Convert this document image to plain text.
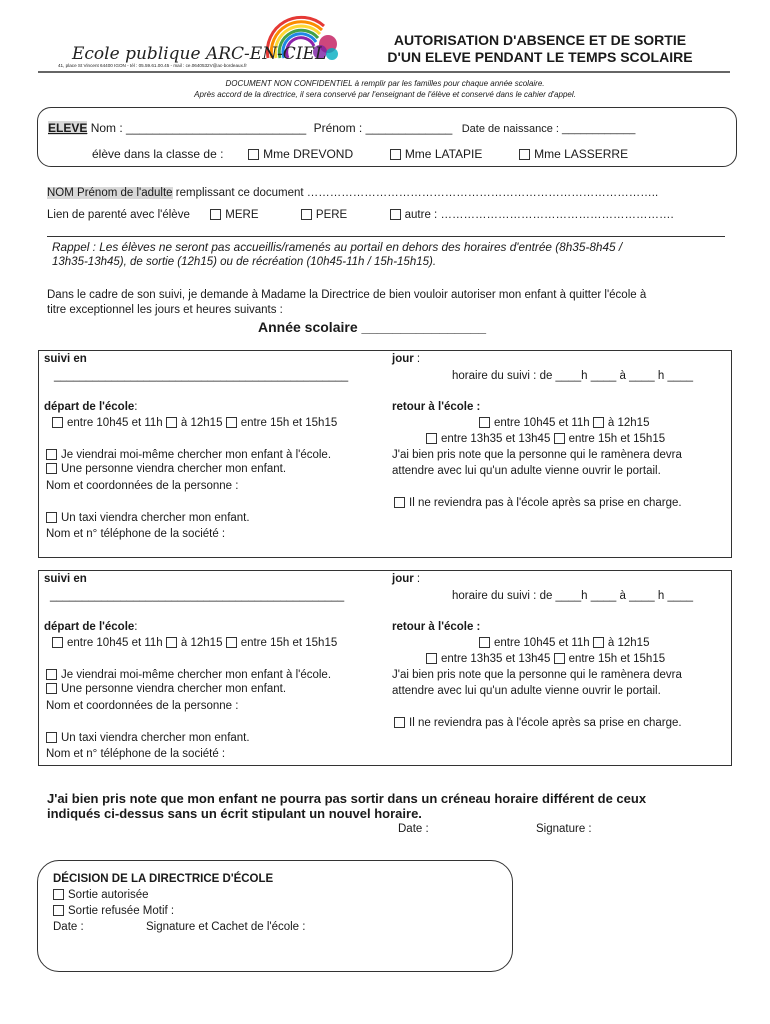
Ecole publique ARC-EN-CIEL
41, place St Vincent 64400 IGON - tél : 05.59.61.00.45 - mail : ce.0640532V@ac-bordeaux.fr
AUTORISATION D'ABSENCE ET DE SORTIE
D'UN ELEVE PENDANT LE TEMPS SCOLAIRE
DOCUMENT NON CONFIDENTIEL à remplir par les familles pour chaque année scolaire.
Après accord de la directrice, il sera conservé par l'enseignant de l'élève et conservé dans le cahier d'appel.
ELEVE Nom : ___________________________ Prénom : _____________ Date de naissance : ____________
élève dans la classe de :	Mme DREVOND	Mme LATAPIE	Mme LASSERRE
NOM Prénom de l'adulte remplissant ce document ………………………………………………………………………………..
Lien de parenté avec l'élève	MERE	PERE	autre : …………………………………………………….
Rappel : Les élèves ne seront pas accueillis/ramenés au portail en dehors des horaires d'entrée (8h35-8h45 /
13h35-13h45), de sortie (12h15) ou de récréation (10h45-11h / 15h-15h15).
Dans le cadre de son suivi, je demande à Madame la Directrice de bien vouloir autoriser mon enfant à quitter l'école à
titre exceptionnel les jours et heures suivants :
Année scolaire ________________
suivi en
______________________________________________
jour :
horaire du suivi : de ____h ____ à ____ h ____
départ de l'école:
entre 10h45 et 11h à 12h15 entre 15h et 15h15
Je viendrai moi-même chercher mon enfant à l'école.
Une personne viendra chercher mon enfant.
Nom et coordonnées de la personne :
Un taxi viendra chercher mon enfant.
Nom et n° téléphone de la société :
retour à l'école :
entre 10h45 et 11h à 12h15
entre 13h35 et 13h45 entre 15h et 15h15
J'ai bien pris note que la personne qui le ramènera devra
attendre avec lui qu'un adulte vienne ouvrir le portail.
Il ne reviendra pas à l'école après sa prise en charge.
suivi en
______________________________________________
jour :
horaire du suivi : de ____h ____ à ____ h ____
départ de l'école:
entre 10h45 et 11h à 12h15 entre 15h et 15h15
Je viendrai moi-même chercher mon enfant à l'école.
Une personne viendra chercher mon enfant.
Nom et coordonnées de la personne :
Un taxi viendra chercher mon enfant.
Nom et n° téléphone de la société :
retour à l'école :
entre 10h45 et 11h à 12h15
entre 13h35 et 13h45 entre 15h et 15h15
J'ai bien pris note que la personne qui le ramènera devra
attendre avec lui qu'un adulte vienne ouvrir le portail.
Il ne reviendra pas à l'école après sa prise en charge.
J'ai bien pris note que mon enfant ne pourra pas sortir dans un créneau horaire différent de ceux
indiqués ci-dessus sans un écrit stipulant un nouvel horaire.
Date :	Signature :
DÉCISION DE LA DIRECTRICE D'ÉCOLE
Sortie autorisée
Sortie refusée Motif :
Date :	Signature et Cachet de l'école :
